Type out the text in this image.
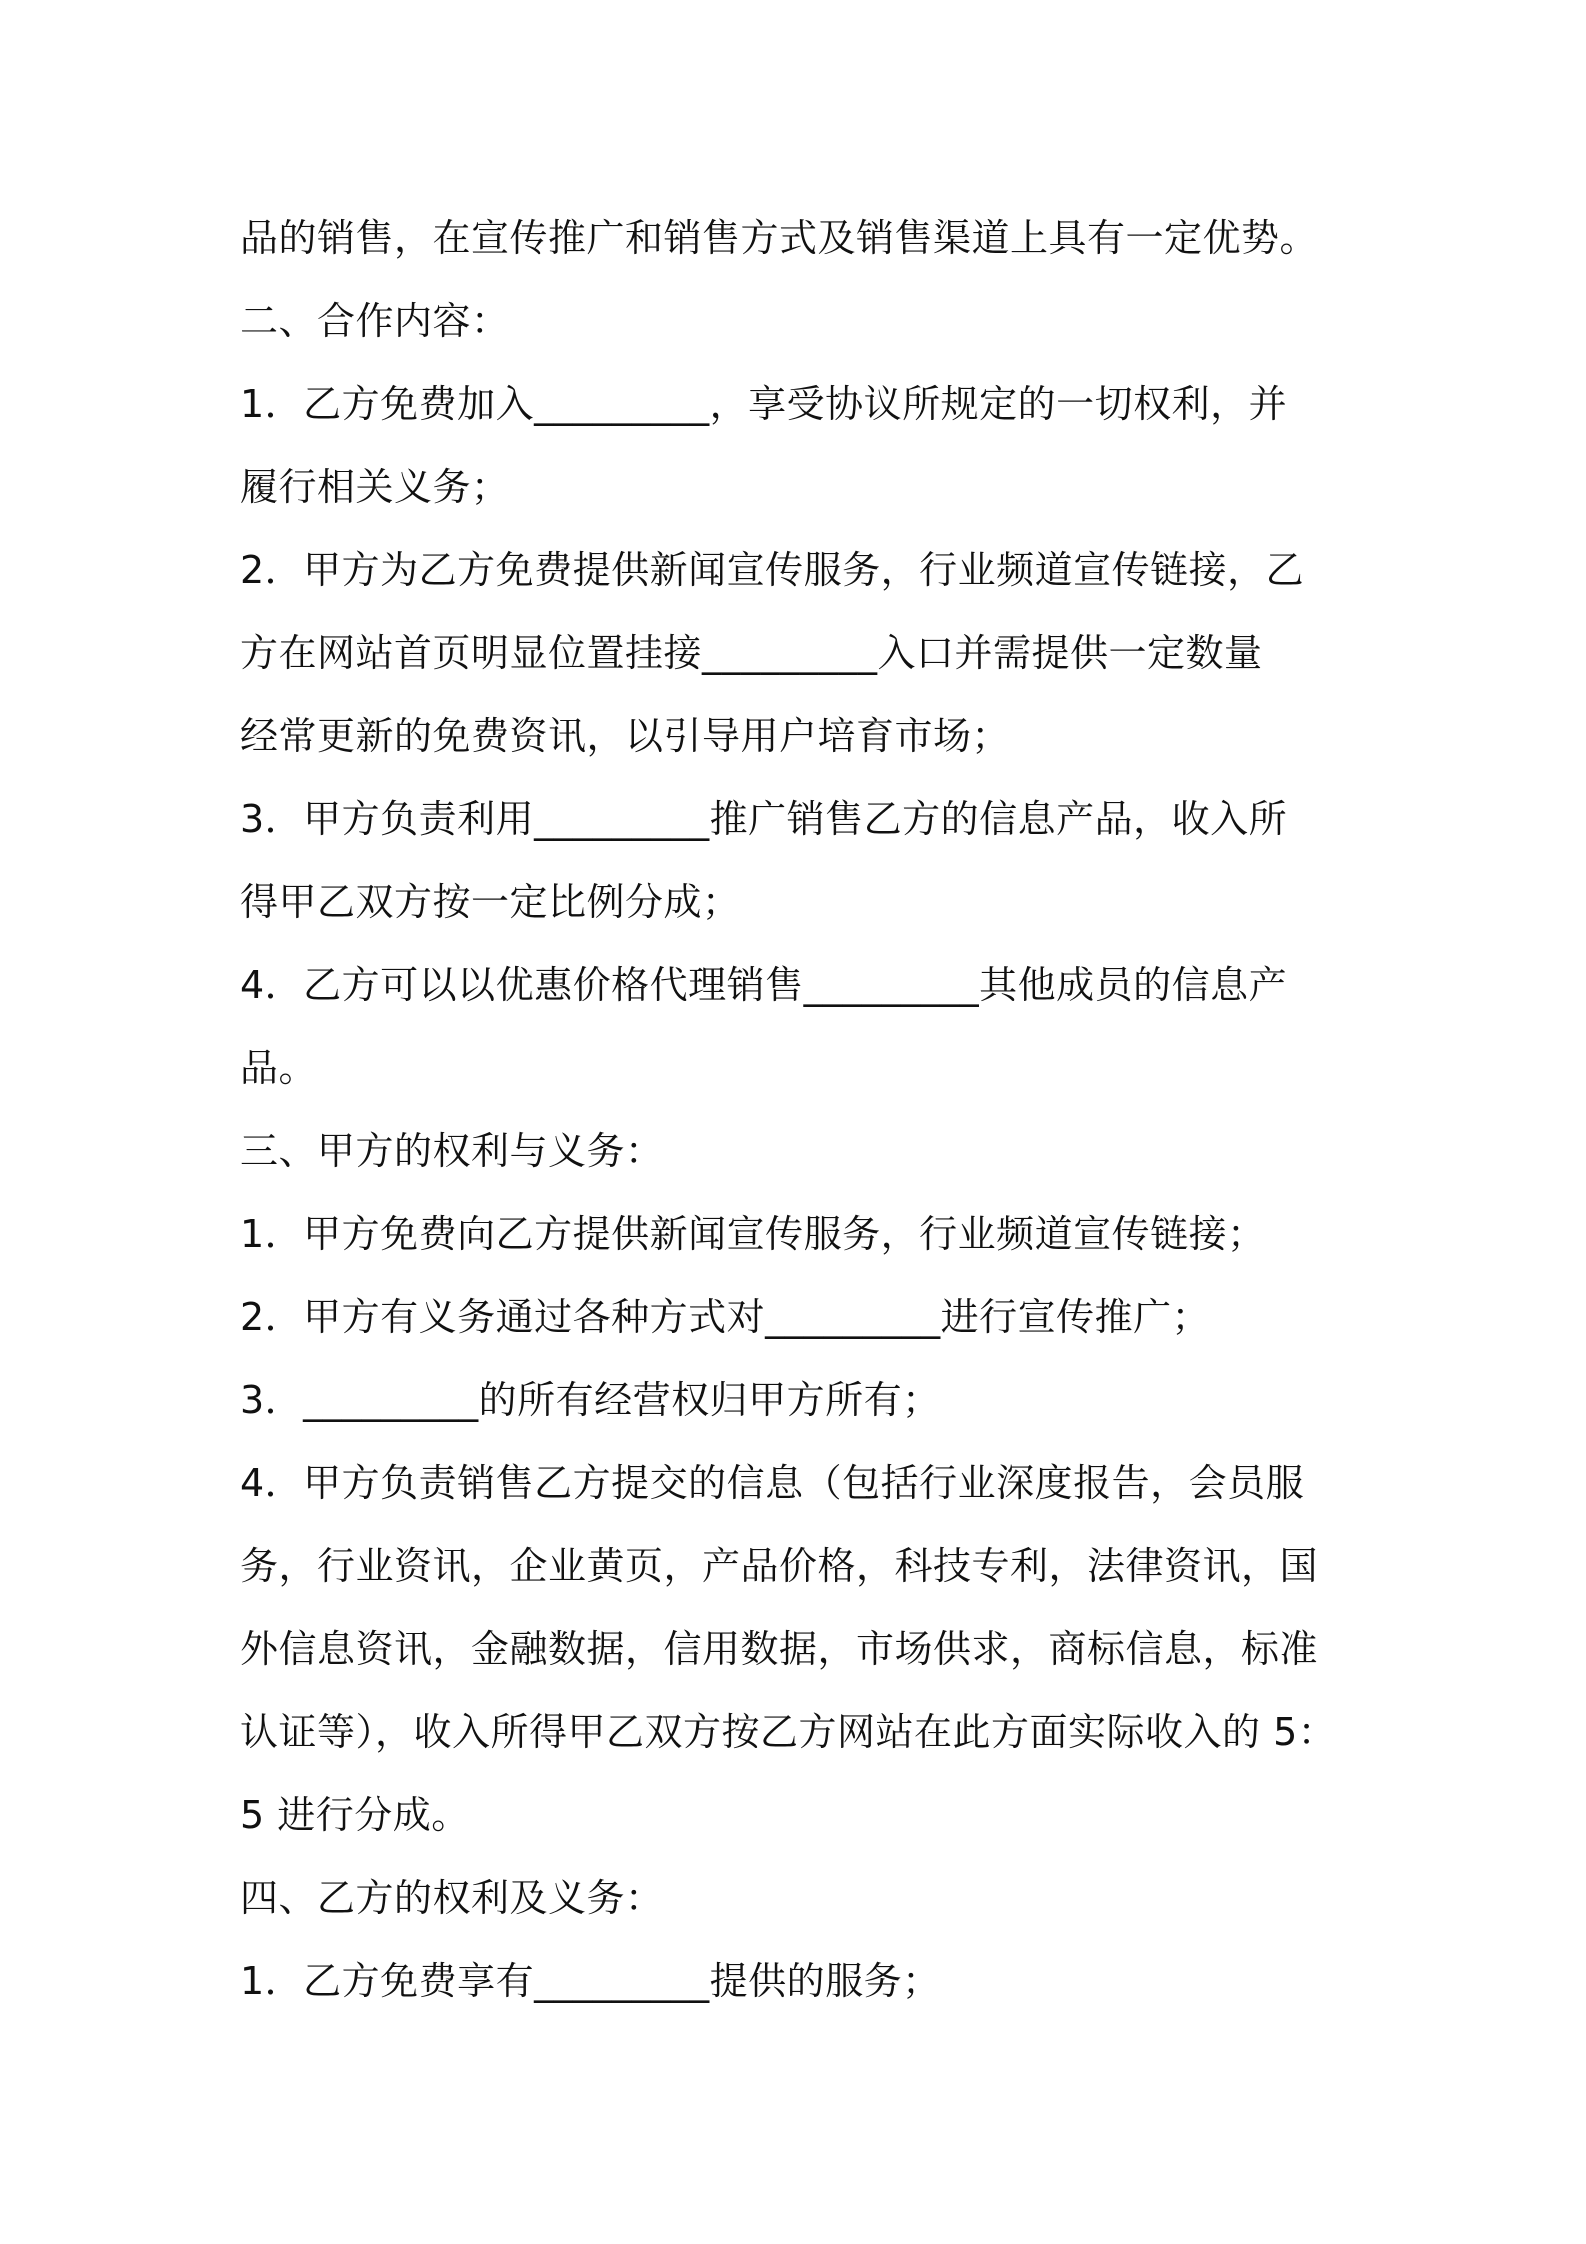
品的销售，在宣传推广和销售方式及销售渠道上具有一定优势。
二、合作内容：
1．乙方免费加入_________，享受协议所规定的一切权利，并
履行相关义务；
2．甲方为乙方免费提供新闻宣传服务，行业频道宣传链接，乙
方在网站首页明显位置挂接_________入口并需提供一定数量
经常更新的免费资讯，以引导用户培育市场；
3．甲方负责利用_________推广销售乙方的信息产品，收入所
得甲乙双方按一定比例分成；
4．乙方可以以优惠价格代理销售_________其他成员的信息产
品。
三、甲方的权利与义务：
1．甲方免费向乙方提供新闻宣传服务，行业频道宣传链接；
2．甲方有义务通过各种方式对_________进行宣传推广；
3．_________的所有经营权归甲方所有；
4．甲方负责销售乙方提交的信息（包括行业深度报告，会员服
务，行业资讯，企业黄页，产品价格，科技专利，法律资讯，国
外信息资讯，金融数据，信用数据，市场供求，商标信息，标准
认证等），收入所得甲乙双方按乙方网站在此方面实际收入的 5：
5 进行分成。
四、乙方的权利及义务：
1．乙方免费享有_________提供的服务；
